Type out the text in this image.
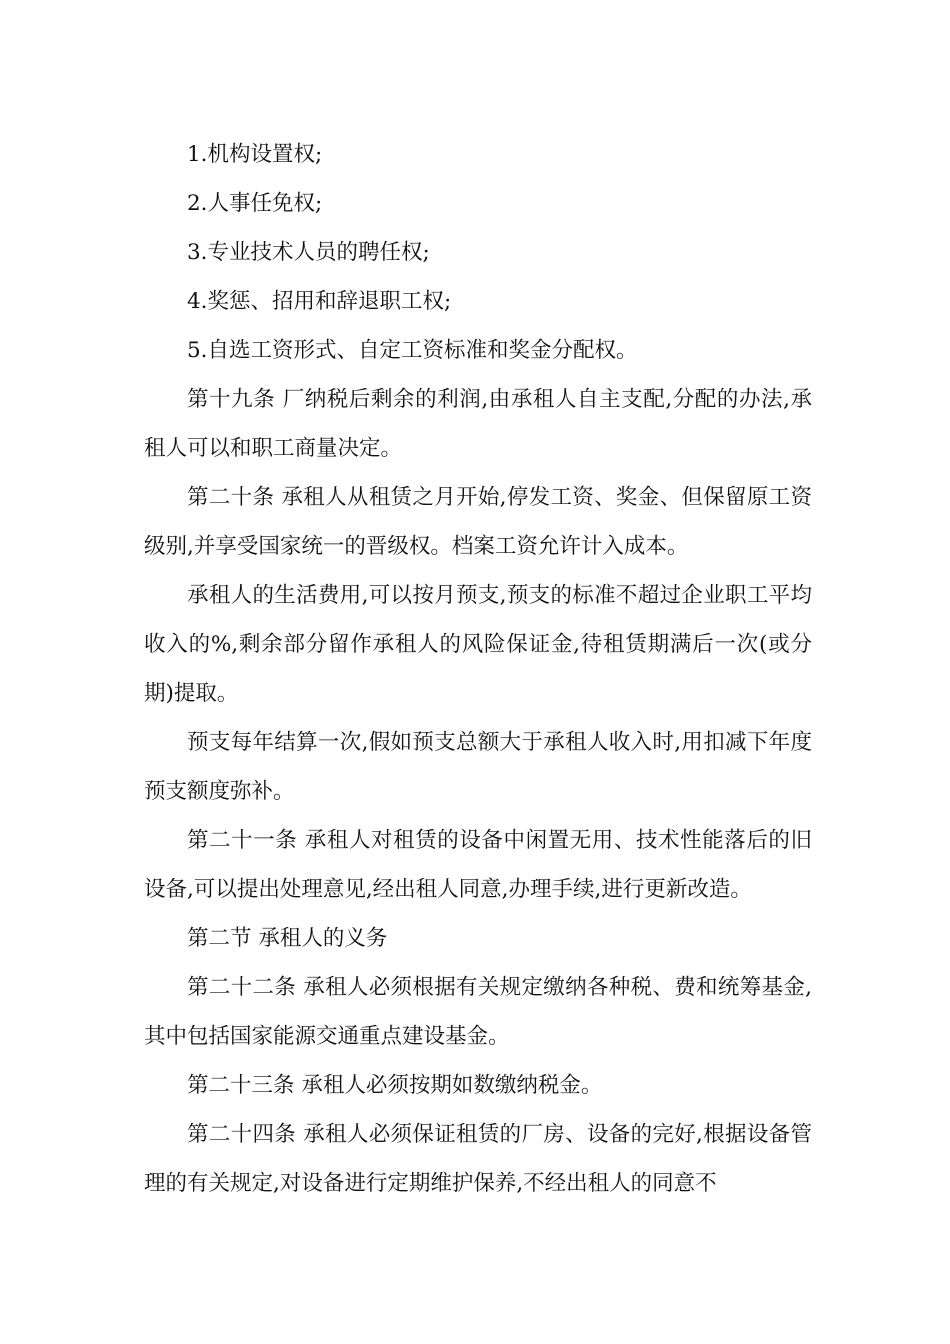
1.机构设置权;

2.人事任免权;

3.专业技术人员的聘任权;

4.奖惩、招用和辞退职工权;

5.自选工资形式、自定工资标准和奖金分配权。

第十九条 厂纳税后剩余的利润,由承租人自主支配,分配的办法,承租人可以和职工商量决定。

第二十条 承租人从租赁之月开始,停发工资、奖金、但保留原工资级别,并享受国家统一的晋级权。档案工资允许计入成本。

承租人的生活费用,可以按月预支,预支的标准不超过企业职工平均收入的%,剩余部分留作承租人的风险保证金,待租赁期满后一次(或分期)提取。

预支每年结算一次,假如预支总额大于承租人收入时,用扣减下年度预支额度弥补。

第二十一条 承租人对租赁的设备中闲置无用、技术性能落后的旧设备,可以提出处理意见,经出租人同意,办理手续,进行更新改造。

第二节 承租人的义务

第二十二条 承租人必须根据有关规定缴纳各种税、费和统筹基金,其中包括国家能源交通重点建设基金。

第二十三条 承租人必须按期如数缴纳税金。

第二十四条 承租人必须保证租赁的厂房、设备的完好,根据设备管理的有关规定,对设备进行定期维护保养,不经出租人的同意不
